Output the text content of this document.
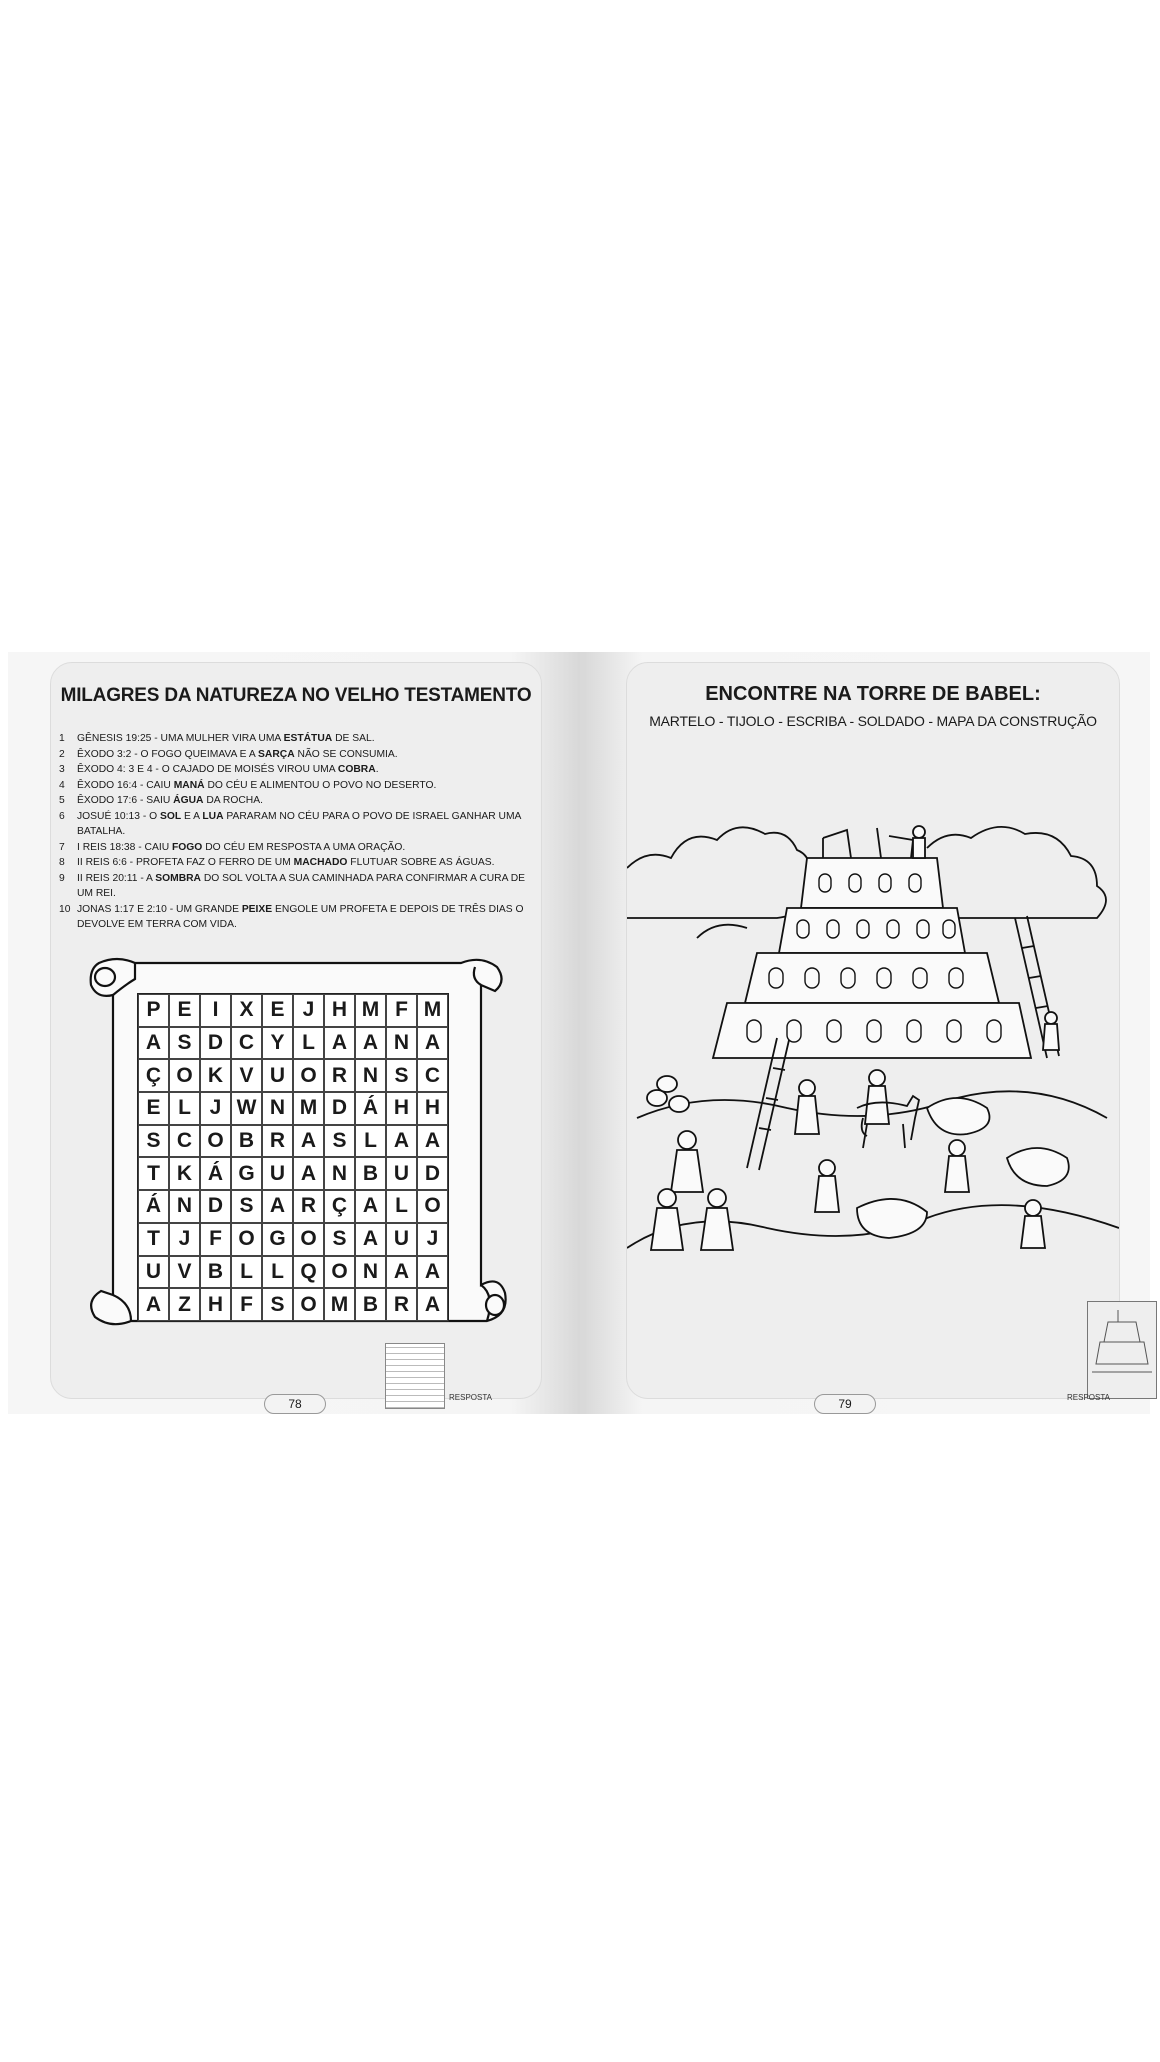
MILAGRES DA NATUREZA NO VELHO TESTAMENTO
1	GÊNESIS 19:25 - UMA MULHER VIRA UMA ESTÁTUA DE SAL.
2	ÊXODO 3:2 - O FOGO QUEIMAVA E A SARÇA NÃO SE CONSUMIA.
3	ÊXODO 4: 3 E 4 - O CAJADO DE MOISÉS VIROU UMA COBRA.
4	ÊXODO 16:4 - CAIU MANÁ DO CÉU E ALIMENTOU O POVO NO DESERTO.
5	ÊXODO 17:6 - SAIU ÁGUA DA ROCHA.
6	JOSUÉ 10:13 - O SOL E A LUA PARARAM NO CÉU PARA O POVO DE ISRAEL GANHAR UMA BATALHA.
7	I REIS 18:38 - CAIU FOGO DO CÉU EM RESPOSTA A UMA ORAÇÃO.
8	II REIS 6:6 - PROFETA FAZ O FERRO DE UM MACHADO FLUTUAR SOBRE AS ÁGUAS.
9	II REIS 20:11 - A SOMBRA DO SOL VOLTA A SUA CAMINHADA PARA CONFIRMAR A CURA DE UM REI.
10 JONAS 1:17 E 2:10 - UM GRANDE PEIXE ENGOLE UM PROFETA E DEPOIS DE TRÊS DIAS O DEVOLVE EM TERRA COM VIDA.
P E	I	X E J H M F M
A S D C Y L A A N A
Ç O K V U O R N S C
E L J W N M D Á H H
S C O B R A S L A A
T K Á G U A N B U D
Á N D S A R Ç A L O
T J F O G O S A U J
U V B L L Q O N A A
A Z H F S O M B R A
RESPOSTA
78
ENCONTRE NA TORRE DE BABEL:
MARTELO - TIJOLO - ESCRIBA - SOLDADO - MAPA DA CONSTRUÇÃO
RESPOSTA
79
